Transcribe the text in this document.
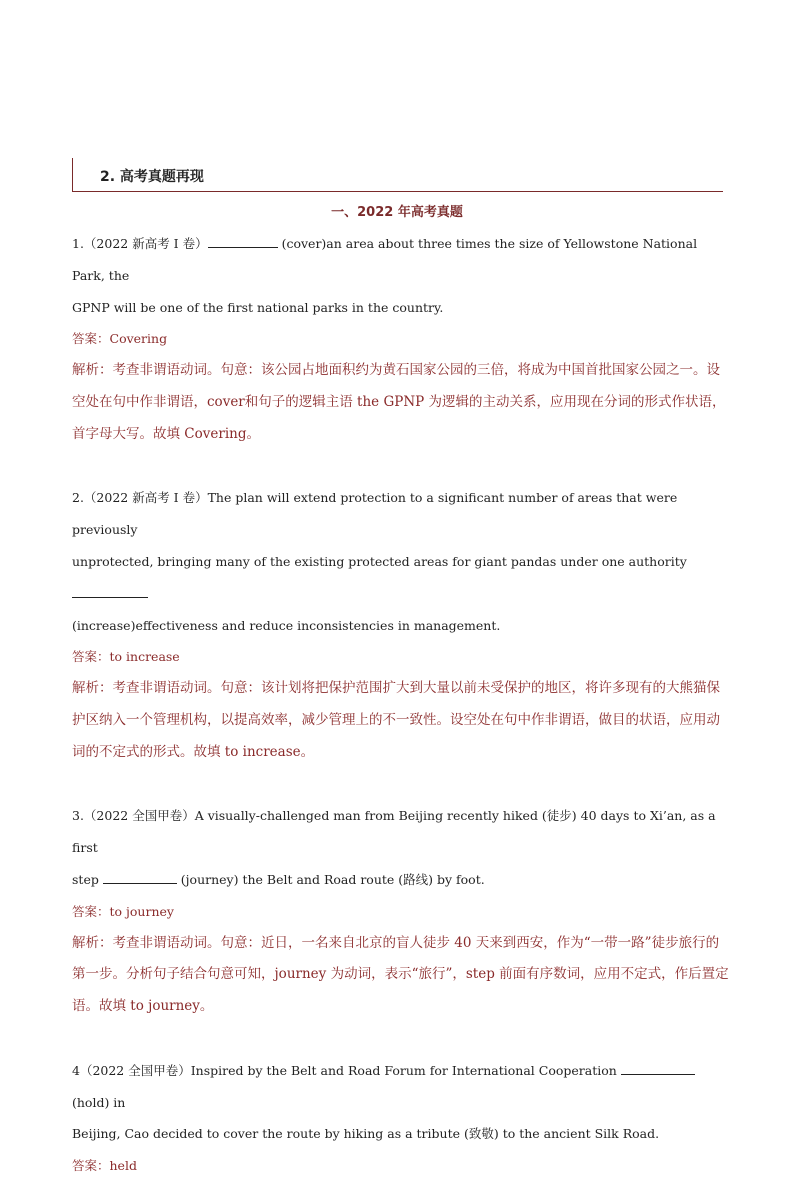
2. 高考真题再现
一、2022 年高考真题

1.（2022 新高考 I 卷）	(cover)an area about three times the size of Yellowstone National Park, the

GPNP will be one of the first national parks in the country.

答案：Covering

解析：考查非谓语动词。句意：该公园占地面积约为黄石国家公园的三倍，将成为中国首批国家公园之一。设空处在句中作非谓语，cover和句子的逻辑主语 the GPNP 为逻辑的主动关系，应用现在分词的形式作状语，首字母大写。故填 Covering。

2.（2022 新高考 I 卷）The plan will extend protection to a significant number of areas that were previously

unprotected, bringing many of the existing protected areas for giant pandas under one authority

(increase)effectiveness and reduce inconsistencies in management.

答案：to increase

解析：考查非谓语动词。句意：该计划将把保护范围扩大到大量以前未受保护的地区，将许多现有的大熊猫保护区纳入一个管理机构，以提高效率，减少管理上的不一致性。设空处在句中作非谓语，做目的状语，应用动词的不定式的形式。故填 to increase。

3.（2022 全国甲卷）A visually-challenged man from Beijing recently hiked (徒步) 40 days to Xi’an, as a first

step	(journey) the Belt and Road route (路线) by foot.

答案：to journey

解析：考查非谓语动词。句意：近日，一名来自北京的盲人徒步 40 天来到西安，作为“一带一路”徒步旅行的第一步。分析句子结合句意可知，journey 为动词，表示“旅行”，step 前面有序数词，应用不定式，作后置定语。故填 to journey。

4（2022 全国甲卷）Inspired by the Belt and Road Forum for International Cooperation  (hold) in

Beijing, Cao decided to cover the route by hiking as a tribute (致敬) to the ancient Silk Road.

答案：held
